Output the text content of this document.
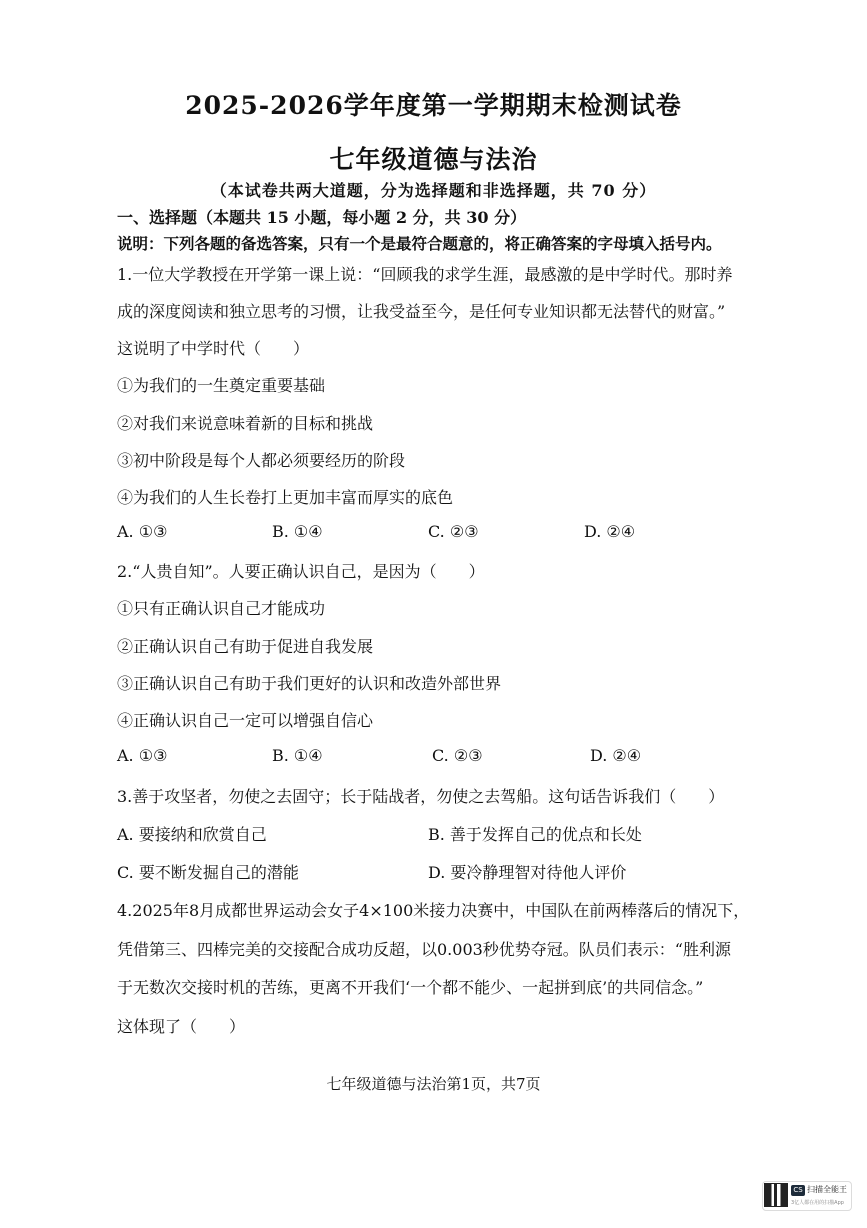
2025-2026学年度第一学期期末检测试卷
七年级道德与法治
（本试卷共两大道题，分为选择题和非选择题，共 70 分）
一、选择题（本题共 15 小题，每小题 2 分，共 30 分）
说明：下列各题的备选答案，只有一个是最符合题意的，将正确答案的字母填入括号内。
1.一位大学教授在开学第一课上说：“回顾我的求学生涯，最感激的是中学时代。那时养
成的深度阅读和独立思考的习惯，让我受益至今，是任何专业知识都无法替代的财富。”
这说明了中学时代（　　）
①为我们的一生奠定重要基础
②对我们来说意味着新的目标和挑战
③初中阶段是每个人都必须要经历的阶段
④为我们的人生长卷打上更加丰富而厚实的底色
A. ①③	B. ①④	C. ②③	D. ②④
2.“人贵自知”。人要正确认识自己，是因为（　　）
①只有正确认识自己才能成功
②正确认识自己有助于促进自我发展
③正确认识自己有助于我们更好的认识和改造外部世界
④正确认识自己一定可以增强自信心
A. ①③	B. ①④	C. ②③	D. ②④
3.善于攻坚者，勿使之去固守；长于陆战者，勿使之去驾船。这句话告诉我们（　　）
A. 要接纳和欣赏自己	B. 善于发挥自己的优点和长处
C. 要不断发掘自己的潜能	D. 要冷静理智对待他人评价
4.2025年8月成都世界运动会女子4×100米接力决赛中，中国队在前两棒落后的情况下，
凭借第三、四棒完美的交接配合成功反超，以0.003秒优势夺冠。队员们表示：“胜利源
于无数次交接时机的苦练，更离不开我们‘一个都不能少、一起拼到底’的共同信念。”
这体现了（　　）
七年级道德与法治第1页，共7页
CS 扫描全能王
3亿人都在用的扫描App
